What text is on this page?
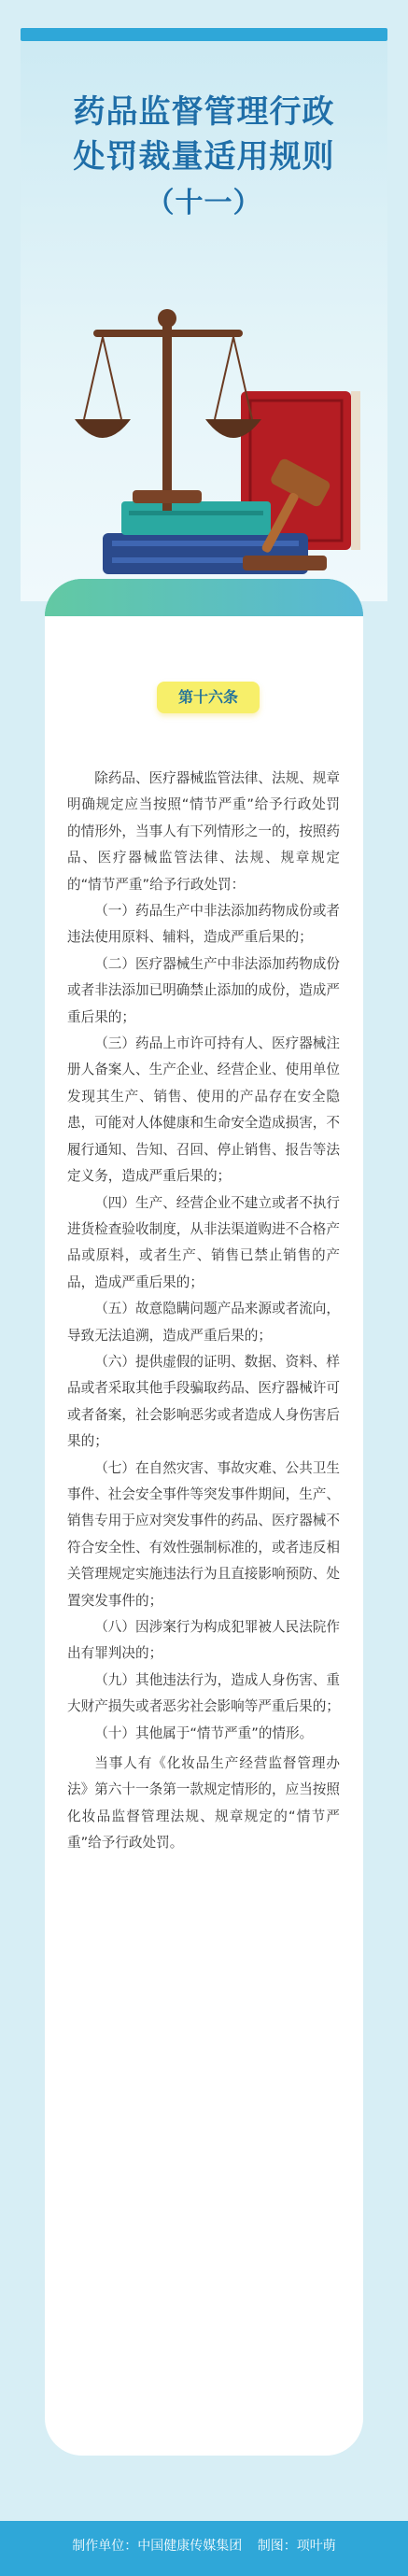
药品监督管理行政
处罚裁量适用规则
（十一）
第十六条

除药品、医疗器械监管法律、法规、规章明确规定应当按照“情节严重”给予行政处罚的情形外，当事人有下列情形之一的，按照药品、医疗器械监管法律、法规、规章规定的“情节严重”给予行政处罚：

（一）药品生产中非法添加药物成份或者违法使用原料、辅料，造成严重后果的；

（二）医疗器械生产中非法添加药物成份或者非法添加已明确禁止添加的成份，造成严重后果的；

（三）药品上市许可持有人、医疗器械注册人备案人、生产企业、经营企业、使用单位发现其生产、销售、使用的产品存在安全隐患，可能对人体健康和生命安全造成损害，不履行通知、告知、召回、停止销售、报告等法定义务，造成严重后果的；

（四）生产、经营企业不建立或者不执行进货检查验收制度，从非法渠道购进不合格产品或原料，或者生产、销售已禁止销售的产品，造成严重后果的；

（五）故意隐瞒问题产品来源或者流向，导致无法追溯，造成严重后果的；

（六）提供虚假的证明、数据、资料、样品或者采取其他手段骗取药品、医疗器械许可或者备案，社会影响恶劣或者造成人身伤害后果的；

（七）在自然灾害、事故灾难、公共卫生事件、社会安全事件等突发事件期间，生产、销售专用于应对突发事件的药品、医疗器械不符合安全性、有效性强制标准的，或者违反相关管理规定实施违法行为且直接影响预防、处置突发事件的；

（八）因涉案行为构成犯罪被人民法院作出有罪判决的；

（九）其他违法行为，造成人身伤害、重大财产损失或者恶劣社会影响等严重后果的；

（十）其他属于“情节严重”的情形。

当事人有《化妆品生产经营监督管理办法》第六十一条第一款规定情形的，应当按照化妆品监督管理法规、规章规定的“情节严重”给予行政处罚。

制作单位：中国健康传媒集团 制图：项叶萌
